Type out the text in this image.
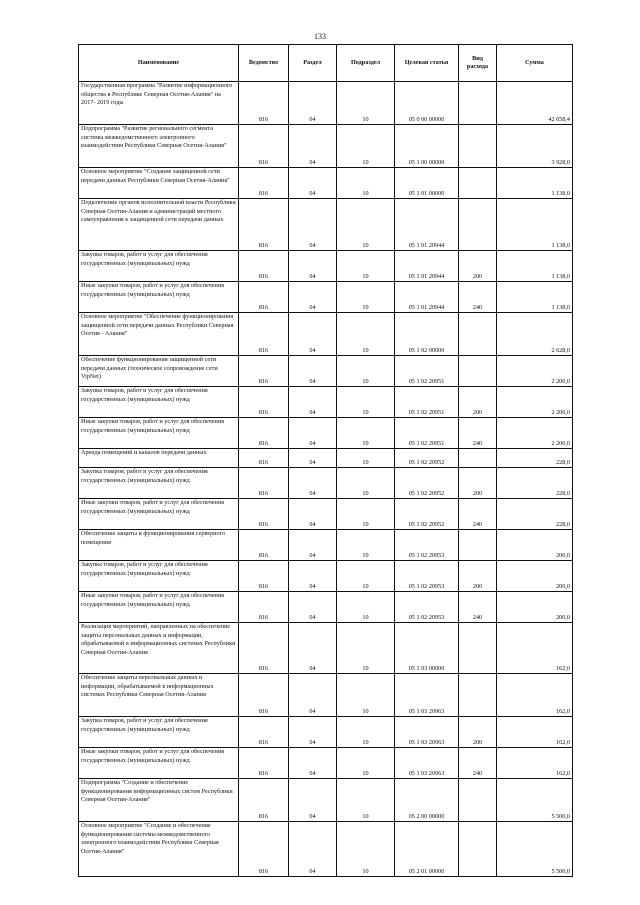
133
Наименование	Ведомство	Раздел	Подраздел	Целевая статья	Вид расхода	Сумма
Государственная программа "Развитие информационного общества в Республике Северная Осетия-Алания" на 2017- 2019 годы	816	04	10	05 0 00 00000		42 658,4
Подпрограмма "Развитие регионального сегмента системы межведомственного электронного взаимодействия Республики Северная Осетия-Алания"	816	04	10	05 1 00 00000		3 928,0
Основное мероприятие "Создание защищенной сети передачи данных Республики Северная Осетия-Алания"	816	04	10	05 1 01 00000		1 138,0
Подключение органов исполнительной власти Республики Северная Осетия-Алания и администраций местного самоуправления к защищенной сети передачи данных	816	04	10	05 1 01 20944		1 138,0
Закупка товаров, работ и услуг для обеспечения государственных (муниципальных) нужд	816	04	10	05 1 01 20944	200	1 138,0
Иные закупки товаров, работ и услуг для обеспечения государственных (муниципальных) нужд	816	04	10	05 1 01 20944	240	1 138,0
Основное мероприятие "Обеспечение функционирования защищенной сети передачи данных Республики Северная Осетия - Алания"	816	04	10	05 1 02 00000		2 628,0
Обеспечение функционирования защищенной сети передачи данных (техническое сопровождение сети VipNet)	816	04	10	05 1 02 20951		2 200,0
Закупка товаров, работ и услуг для обеспечения государственных (муниципальных) нужд	816	04	10	05 1 02 20951	200	2 200,0
Иные закупки товаров, работ и услуг для обеспечения государственных (муниципальных) нужд	816	04	10	05 1 02 20951	240	2 200,0
Аренда помещений и каналов передачи данных	816	04	10	05 1 02 20952		228,0
Закупка товаров, работ и услуг для обеспечения государственных (муниципальных) нужд	816	04	10	05 1 02 20952	200	228,0
Иные закупки товаров, работ и услуг для обеспечения государственных (муниципальных) нужд	816	04	10	05 1 02 20952	240	228,0
Обеспечение защиты и функционирования серверного помещения	816	04	10	05 1 02 20953		200,0
Закупка товаров, работ и услуг для обеспечения государственных (муниципальных) нужд	816	04	10	05 1 02 20953	200	200,0
Иные закупки товаров, работ и услуг для обеспечения государственных (муниципальных) нужд	816	04	10	05 1 02 20953	240	200,0
Реализация мероприятий, направленных на обеспечение защиты персональных данных и информации, обрабатываемой в информационных системах Республики Северная Осетия-Алания	816	04	10	05 1 03 00000		162,0
Обеспечение защиты персональных данных и информации, обрабатываемой в информационных системах Республики Северная Осетия-Алания	816	04	10	05 1 03 20963		162,0
Закупка товаров, работ и услуг для обеспечения государственных (муниципальных) нужд	816	04	10	05 1 03 20963	200	162,0
Иные закупки товаров, работ и услуг для обеспечения государственных (муниципальных) нужд	816	04	10	05 1 03 20963	240	162,0
Подпрограмма "Создание и обеспечение функционирования информационных систем Республики Северная Осетия-Алания"	816	04	10	05 2 00 00000		5 500,0
Основное мероприятие "Создание и обеспечение функционирования системы межведомственного электронного взаимодействия Республики Северная Осетия-Алания"	816	04	10	05 2 01 00000		5 500,0
